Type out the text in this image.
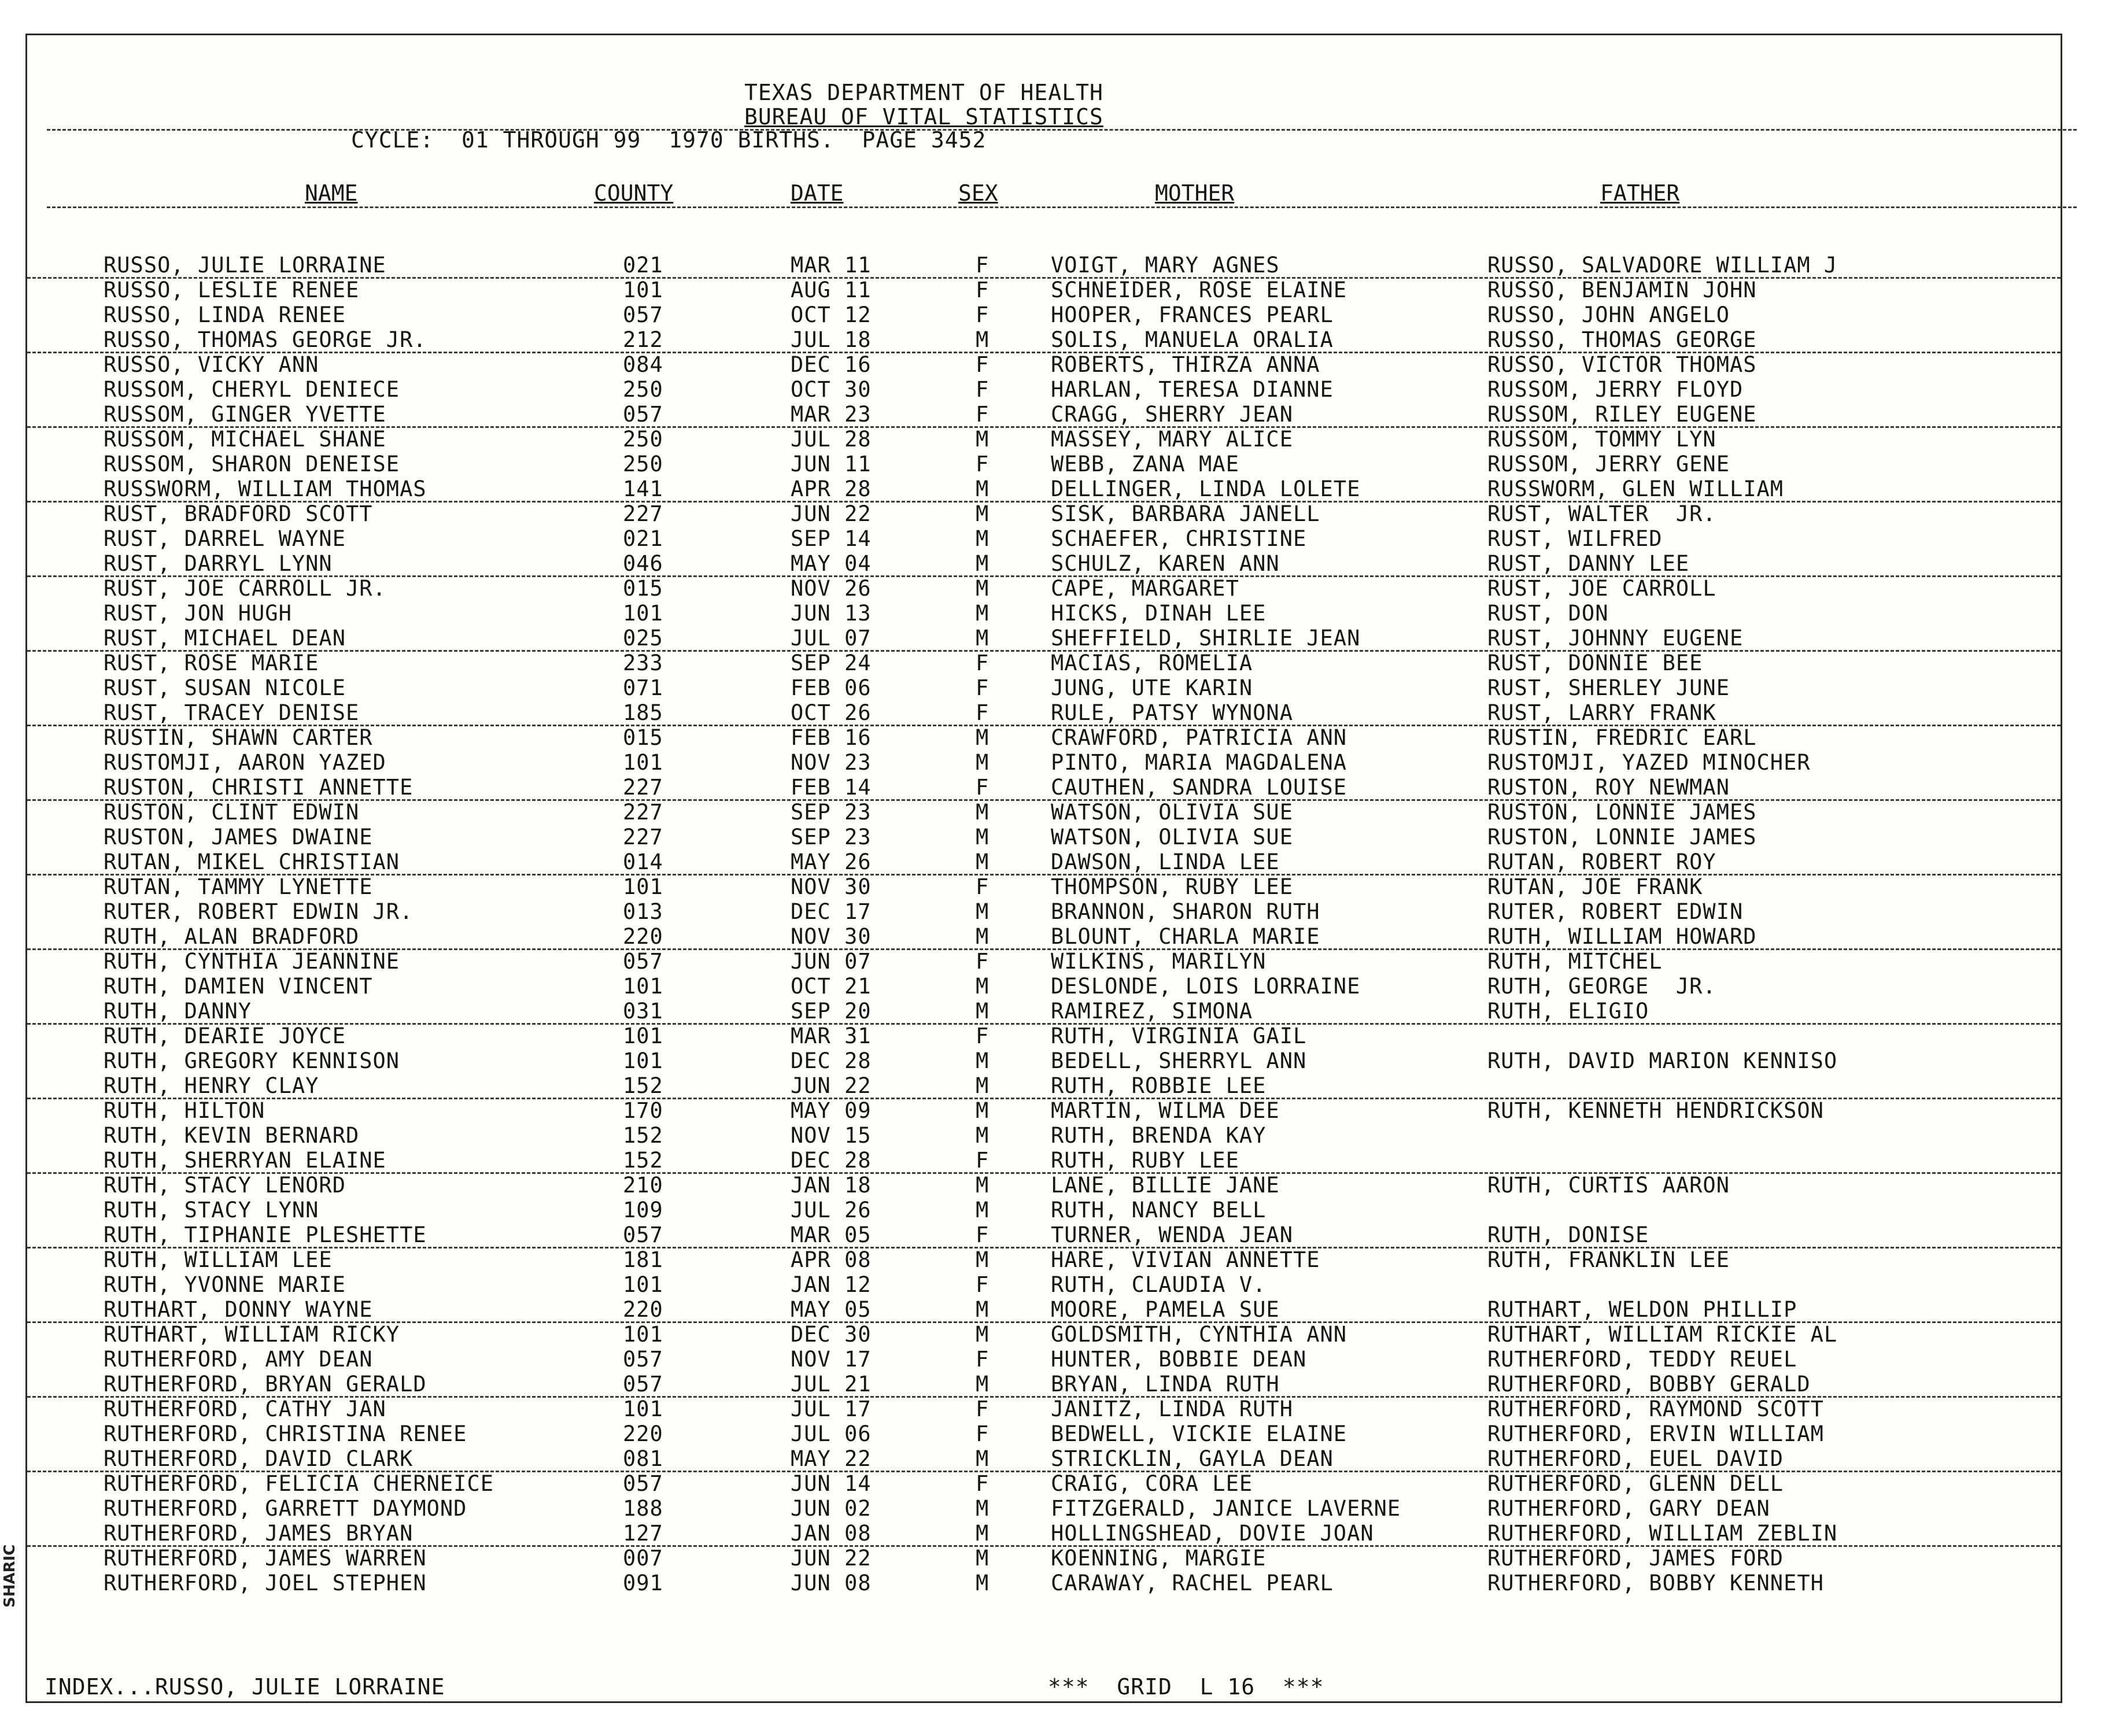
TEXAS DEPARTMENT OF HEALTH
BUREAU OF VITAL STATISTICS
CYCLE:  01 THROUGH 99  1970 BIRTHS.  PAGE 3452
NAME	COUNTY	DATE	SEX	MOTHER	FATHER
RUSSO, JULIE LORRAINE	021	MAR 11	F	VOIGT, MARY AGNES	RUSSO, SALVADORE WILLIAM J
RUSSO, LESLIE RENEE	101	AUG 11	F	SCHNEIDER, ROSE ELAINE	RUSSO, BENJAMIN JOHN
RUSSO, LINDA RENEE	057	OCT 12	F	HOOPER, FRANCES PEARL	RUSSO, JOHN ANGELO
RUSSO, THOMAS GEORGE JR.	212	JUL 18	M	SOLIS, MANUELA ORALIA	RUSSO, THOMAS GEORGE
RUSSO, VICKY ANN	084	DEC 16	F	ROBERTS, THIRZA ANNA	RUSSO, VICTOR THOMAS
RUSSOM, CHERYL DENIECE	250	OCT 30	F	HARLAN, TERESA DIANNE	RUSSOM, JERRY FLOYD
RUSSOM, GINGER YVETTE	057	MAR 23	F	CRAGG, SHERRY JEAN	RUSSOM, RILEY EUGENE
RUSSOM, MICHAEL SHANE	250	JUL 28	M	MASSEY, MARY ALICE	RUSSOM, TOMMY LYN
RUSSOM, SHARON DENEISE	250	JUN 11	F	WEBB, ZANA MAE	RUSSOM, JERRY GENE
RUSSWORM, WILLIAM THOMAS	141	APR 28	M	DELLINGER, LINDA LOLETE	RUSSWORM, GLEN WILLIAM
RUST, BRADFORD SCOTT	227	JUN 22	M	SISK, BARBARA JANELL	RUST, WALTER  JR.
RUST, DARREL WAYNE	021	SEP 14	M	SCHAEFER, CHRISTINE	RUST, WILFRED
RUST, DARRYL LYNN	046	MAY 04	M	SCHULZ, KAREN ANN	RUST, DANNY LEE
RUST, JOE CARROLL JR.	015	NOV 26	M	CAPE, MARGARET	RUST, JOE CARROLL
RUST, JON HUGH	101	JUN 13	M	HICKS, DINAH LEE	RUST, DON
RUST, MICHAEL DEAN	025	JUL 07	M	SHEFFIELD, SHIRLIE JEAN	RUST, JOHNNY EUGENE
RUST, ROSE MARIE	233	SEP 24	F	MACIAS, ROMELIA	RUST, DONNIE BEE
RUST, SUSAN NICOLE	071	FEB 06	F	JUNG, UTE KARIN	RUST, SHERLEY JUNE
RUST, TRACEY DENISE	185	OCT 26	F	RULE, PATSY WYNONA	RUST, LARRY FRANK
RUSTIN, SHAWN CARTER	015	FEB 16	M	CRAWFORD, PATRICIA ANN	RUSTIN, FREDRIC EARL
RUSTOMJI, AARON YAZED	101	NOV 23	M	PINTO, MARIA MAGDALENA	RUSTOMJI, YAZED MINOCHER
RUSTON, CHRISTI ANNETTE	227	FEB 14	F	CAUTHEN, SANDRA LOUISE	RUSTON, ROY NEWMAN
RUSTON, CLINT EDWIN	227	SEP 23	M	WATSON, OLIVIA SUE	RUSTON, LONNIE JAMES
RUSTON, JAMES DWAINE	227	SEP 23	M	WATSON, OLIVIA SUE	RUSTON, LONNIE JAMES
RUTAN, MIKEL CHRISTIAN	014	MAY 26	M	DAWSON, LINDA LEE	RUTAN, ROBERT ROY
RUTAN, TAMMY LYNETTE	101	NOV 30	F	THOMPSON, RUBY LEE	RUTAN, JOE FRANK
RUTER, ROBERT EDWIN JR.	013	DEC 17	M	BRANNON, SHARON RUTH	RUTER, ROBERT EDWIN
RUTH, ALAN BRADFORD	220	NOV 30	M	BLOUNT, CHARLA MARIE	RUTH, WILLIAM HOWARD
RUTH, CYNTHIA JEANNINE	057	JUN 07	F	WILKINS, MARILYN	RUTH, MITCHEL
RUTH, DAMIEN VINCENT	101	OCT 21	M	DESLONDE, LOIS LORRAINE	RUTH, GEORGE  JR.
RUTH, DANNY	031	SEP 20	M	RAMIREZ, SIMONA	RUTH, ELIGIO
RUTH, DEARIE JOYCE	101	MAR 31	F	RUTH, VIRGINIA GAIL
RUTH, GREGORY KENNISON	101	DEC 28	M	BEDELL, SHERRYL ANN	RUTH, DAVID MARION KENNISO
RUTH, HENRY CLAY	152	JUN 22	M	RUTH, ROBBIE LEE
RUTH, HILTON	170	MAY 09	M	MARTIN, WILMA DEE	RUTH, KENNETH HENDRICKSON
RUTH, KEVIN BERNARD	152	NOV 15	M	RUTH, BRENDA KAY
RUTH, SHERRYAN ELAINE	152	DEC 28	F	RUTH, RUBY LEE
RUTH, STACY LENORD	210	JAN 18	M	LANE, BILLIE JANE	RUTH, CURTIS AARON
RUTH, STACY LYNN	109	JUL 26	M	RUTH, NANCY BELL
RUTH, TIPHANIE PLESHETTE	057	MAR 05	F	TURNER, WENDA JEAN	RUTH, DONISE
RUTH, WILLIAM LEE	181	APR 08	M	HARE, VIVIAN ANNETTE	RUTH, FRANKLIN LEE
RUTH, YVONNE MARIE	101	JAN 12	F	RUTH, CLAUDIA V.
RUTHART, DONNY WAYNE	220	MAY 05	M	MOORE, PAMELA SUE	RUTHART, WELDON PHILLIP
RUTHART, WILLIAM RICKY	101	DEC 30	M	GOLDSMITH, CYNTHIA ANN	RUTHART, WILLIAM RICKIE AL
RUTHERFORD, AMY DEAN	057	NOV 17	F	HUNTER, BOBBIE DEAN	RUTHERFORD, TEDDY REUEL
RUTHERFORD, BRYAN GERALD	057	JUL 21	M	BRYAN, LINDA RUTH	RUTHERFORD, BOBBY GERALD
RUTHERFORD, CATHY JAN	101	JUL 17	F	JANITZ, LINDA RUTH	RUTHERFORD, RAYMOND SCOTT
RUTHERFORD, CHRISTINA RENEE	220	JUL 06	F	BEDWELL, VICKIE ELAINE	RUTHERFORD, ERVIN WILLIAM
RUTHERFORD, DAVID CLARK	081	MAY 22	M	STRICKLIN, GAYLA DEAN	RUTHERFORD, EUEL DAVID
RUTHERFORD, FELICIA CHERNEICE	057	JUN 14	F	CRAIG, CORA LEE	RUTHERFORD, GLENN DELL
RUTHERFORD, GARRETT DAYMOND	188	JUN 02	M	FITZGERALD, JANICE LAVERNE	RUTHERFORD, GARY DEAN
RUTHERFORD, JAMES BRYAN	127	JAN 08	M	HOLLINGSHEAD, DOVIE JOAN	RUTHERFORD, WILLIAM ZEBLIN
RUTHERFORD, JAMES WARREN	007	JUN 22	M	KOENNING, MARGIE	RUTHERFORD, JAMES FORD
RUTHERFORD, JOEL STEPHEN	091	JUN 08	M	CARAWAY, RACHEL PEARL	RUTHERFORD, BOBBY KENNETH
INDEX...RUSSO, JULIE LORRAINE	***  GRID  L 16  ***
SHARIC
